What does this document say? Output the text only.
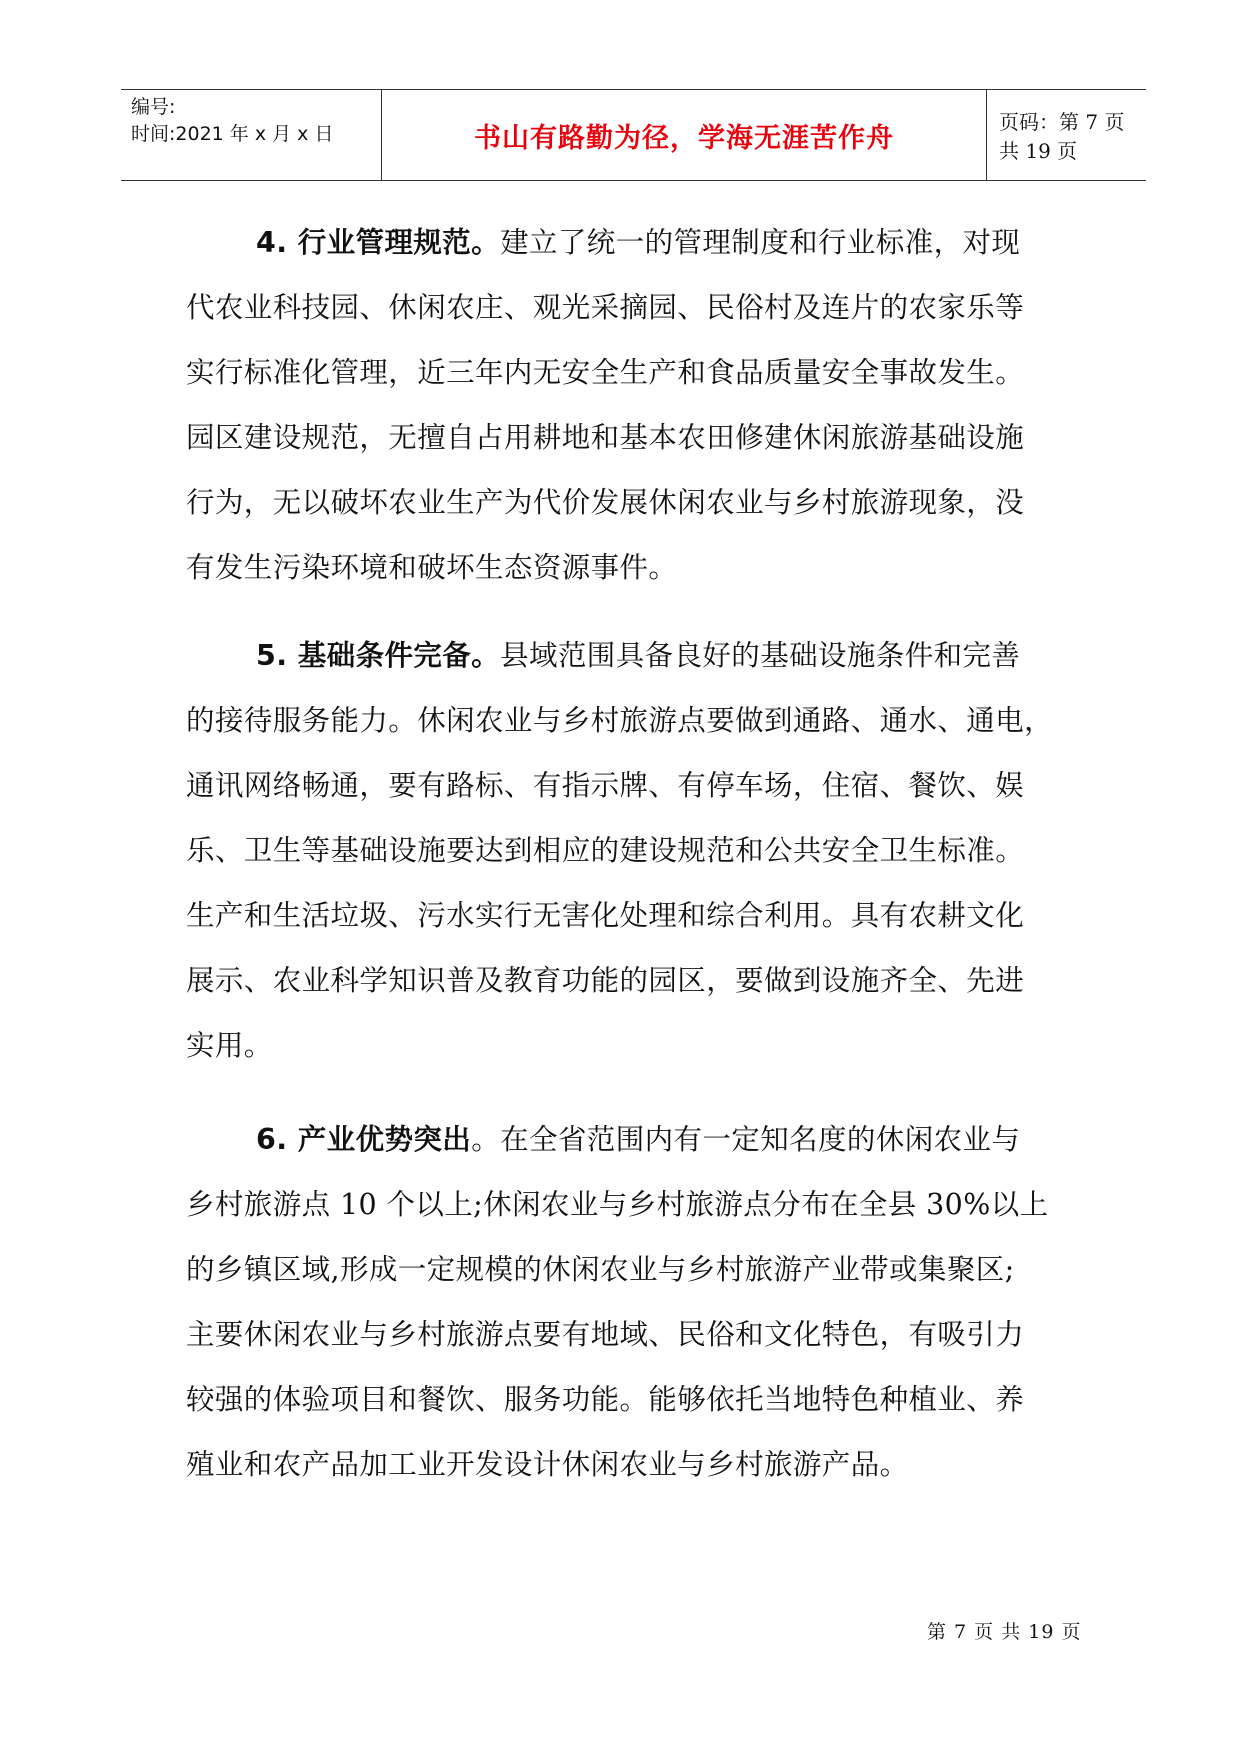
编号:
时间:2021 年 x 月 x 日	书山有路勤为径，学海无涯苦作舟
页码：第 7 页 共 19 页

4. 行业管理规范。建立了统一的管理制度和行业标准，对现
代农业科技园、休闲农庄、观光采摘园、民俗村及连片的农家乐等
实行标准化管理，近三年内无安全生产和食品质量安全事故发生。
园区建设规范，无擅自占用耕地和基本农田修建休闲旅游基础设施
行为，无以破坏农业生产为代价发展休闲农业与乡村旅游现象，没
有发生污染环境和破坏生态资源事件。

5. 基础条件完备。县域范围具备良好的基础设施条件和完善
的接待服务能力。休闲农业与乡村旅游点要做到通路、通水、通电，
通讯网络畅通，要有路标、有指示牌、有停车场，住宿、餐饮、娱
乐、卫生等基础设施要达到相应的建设规范和公共安全卫生标准。
生产和生活垃圾、污水实行无害化处理和综合利用。具有农耕文化
展示、农业科学知识普及教育功能的园区，要做到设施齐全、先进
实用。

6. 产业优势突出。在全省范围内有一定知名度的休闲农业与
乡村旅游点 10 个以上;休闲农业与乡村旅游点分布在全县 30%以上
的乡镇区域,形成一定规模的休闲农业与乡村旅游产业带或集聚区;
主要休闲农业与乡村旅游点要有地域、民俗和文化特色，有吸引力
较强的体验项目和餐饮、服务功能。能够依托当地特色种植业、养
殖业和农产品加工业开发设计休闲农业与乡村旅游产品。

第 7 页 共 19 页
